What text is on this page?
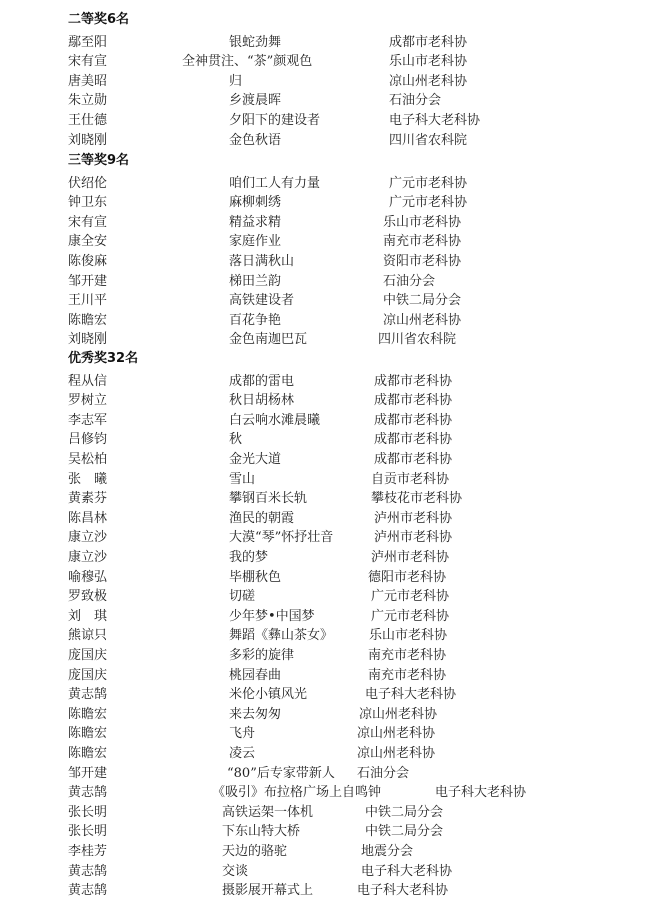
二等奖6名
鄢至阳	银蛇劲舞	成都市老科协
宋有宣	全神贯注、“茶”颜观色	乐山市老科协
唐美昭	归	凉山州老科协
朱立勋	乡渡晨晖	石油分会
王仕德	夕阳下的建设者	电子科大老科协
刘晓刚	金色秋语	四川省农科院
三等奖9名
伏绍伦	咱们工人有力量	广元市老科协
钟卫东	麻柳刺绣	广元市老科协
宋有宣	精益求精	乐山市老科协
康全安	家庭作业	南充市老科协
陈俊麻	落日满秋山	资阳市老科协
邹开建	梯田兰韵	石油分会
王川平	高铁建设者	中铁二局分会
陈瞻宏	百花争艳	凉山州老科协
刘晓刚	金色南迦巴瓦	四川省农科院
优秀奖32名
程从信	成都的雷电	成都市老科协
罗树立	秋日胡杨林	成都市老科协
李志军	白云响水滩晨曦	成都市老科协
吕修钧	秋	成都市老科协
吴松柏	金光大道	成都市老科协
张　曦	雪山	自贡市老科协
黄素芬	攀钢百米长轨	攀枝花市老科协
陈昌林	渔民的朝霞	泸州市老科协
康立沙	大漠“琴”怀抒壮音	泸州市老科协
康立沙	我的梦	泸州市老科协
喻穆弘	毕棚秋色	德阳市老科协
罗致极	切磋	广元市老科协
刘　琪	少年梦•中国梦	广元市老科协
熊谅只	舞蹈《彝山茶女》	乐山市老科协
庞国庆	多彩的旋律	南充市老科协
庞国庆	桃园春曲	南充市老科协
黄志鹄	米伦小镇风光	电子科大老科协
陈瞻宏	来去匆匆	凉山州老科协
陈瞻宏	飞舟	凉山州老科协
陈瞻宏	凌云	凉山州老科协
邹开建	“80”后专家带新人 石油分会
黄志鹄	《吸引》布拉格广场上自鸣钟	电子科大老科协
张长明	高铁运架一体机	中铁二局分会
张长明	下东山特大桥	中铁二局分会
李桂芳	天边的骆驼	地震分会
黄志鹄	交谈	电子科大老科协
黄志鹄	摄影展开幕式上	电子科大老科协
